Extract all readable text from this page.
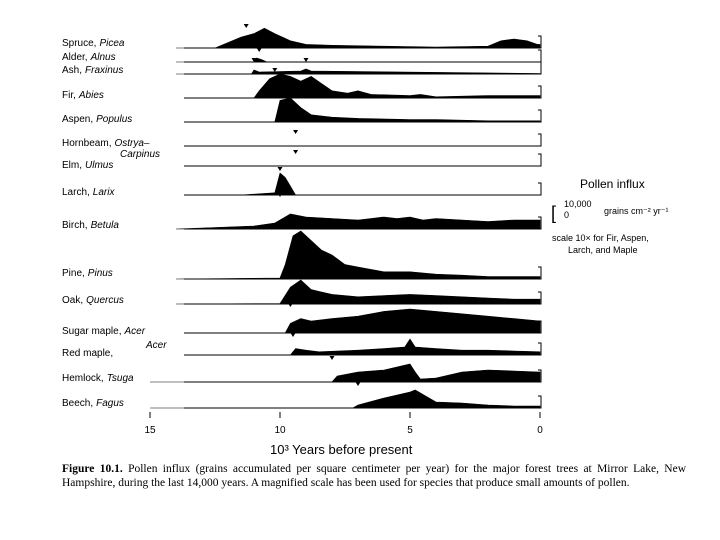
Spruce, Picea
Alder, Alnus
Ash, Fraxinus
Fir, Abies
Aspen, Populus
Hornbeam, Ostrya–
Carpinus
Elm, Ulmus
Larch, Larix
Birch, Betula
Pine, Pinus
Oak, Quercus
Sugar maple, Acer
Red maple,
Hemlock, Tsuga
Beech, Fagus
Acer
15	10	5	0
10³ Years before present
Pollen influx
[ 10,000
0	grains cm⁻² yr⁻¹
scale 10× for Fir, Aspen,
Larch, and Maple
Figure 10.1. Pollen influx (grains accumulated per square centimeter per year) for the major forest trees at Mirror Lake, New Hampshire, during the last 14,000 years. A magnified scale has been used for species that produce small amounts of pollen.
